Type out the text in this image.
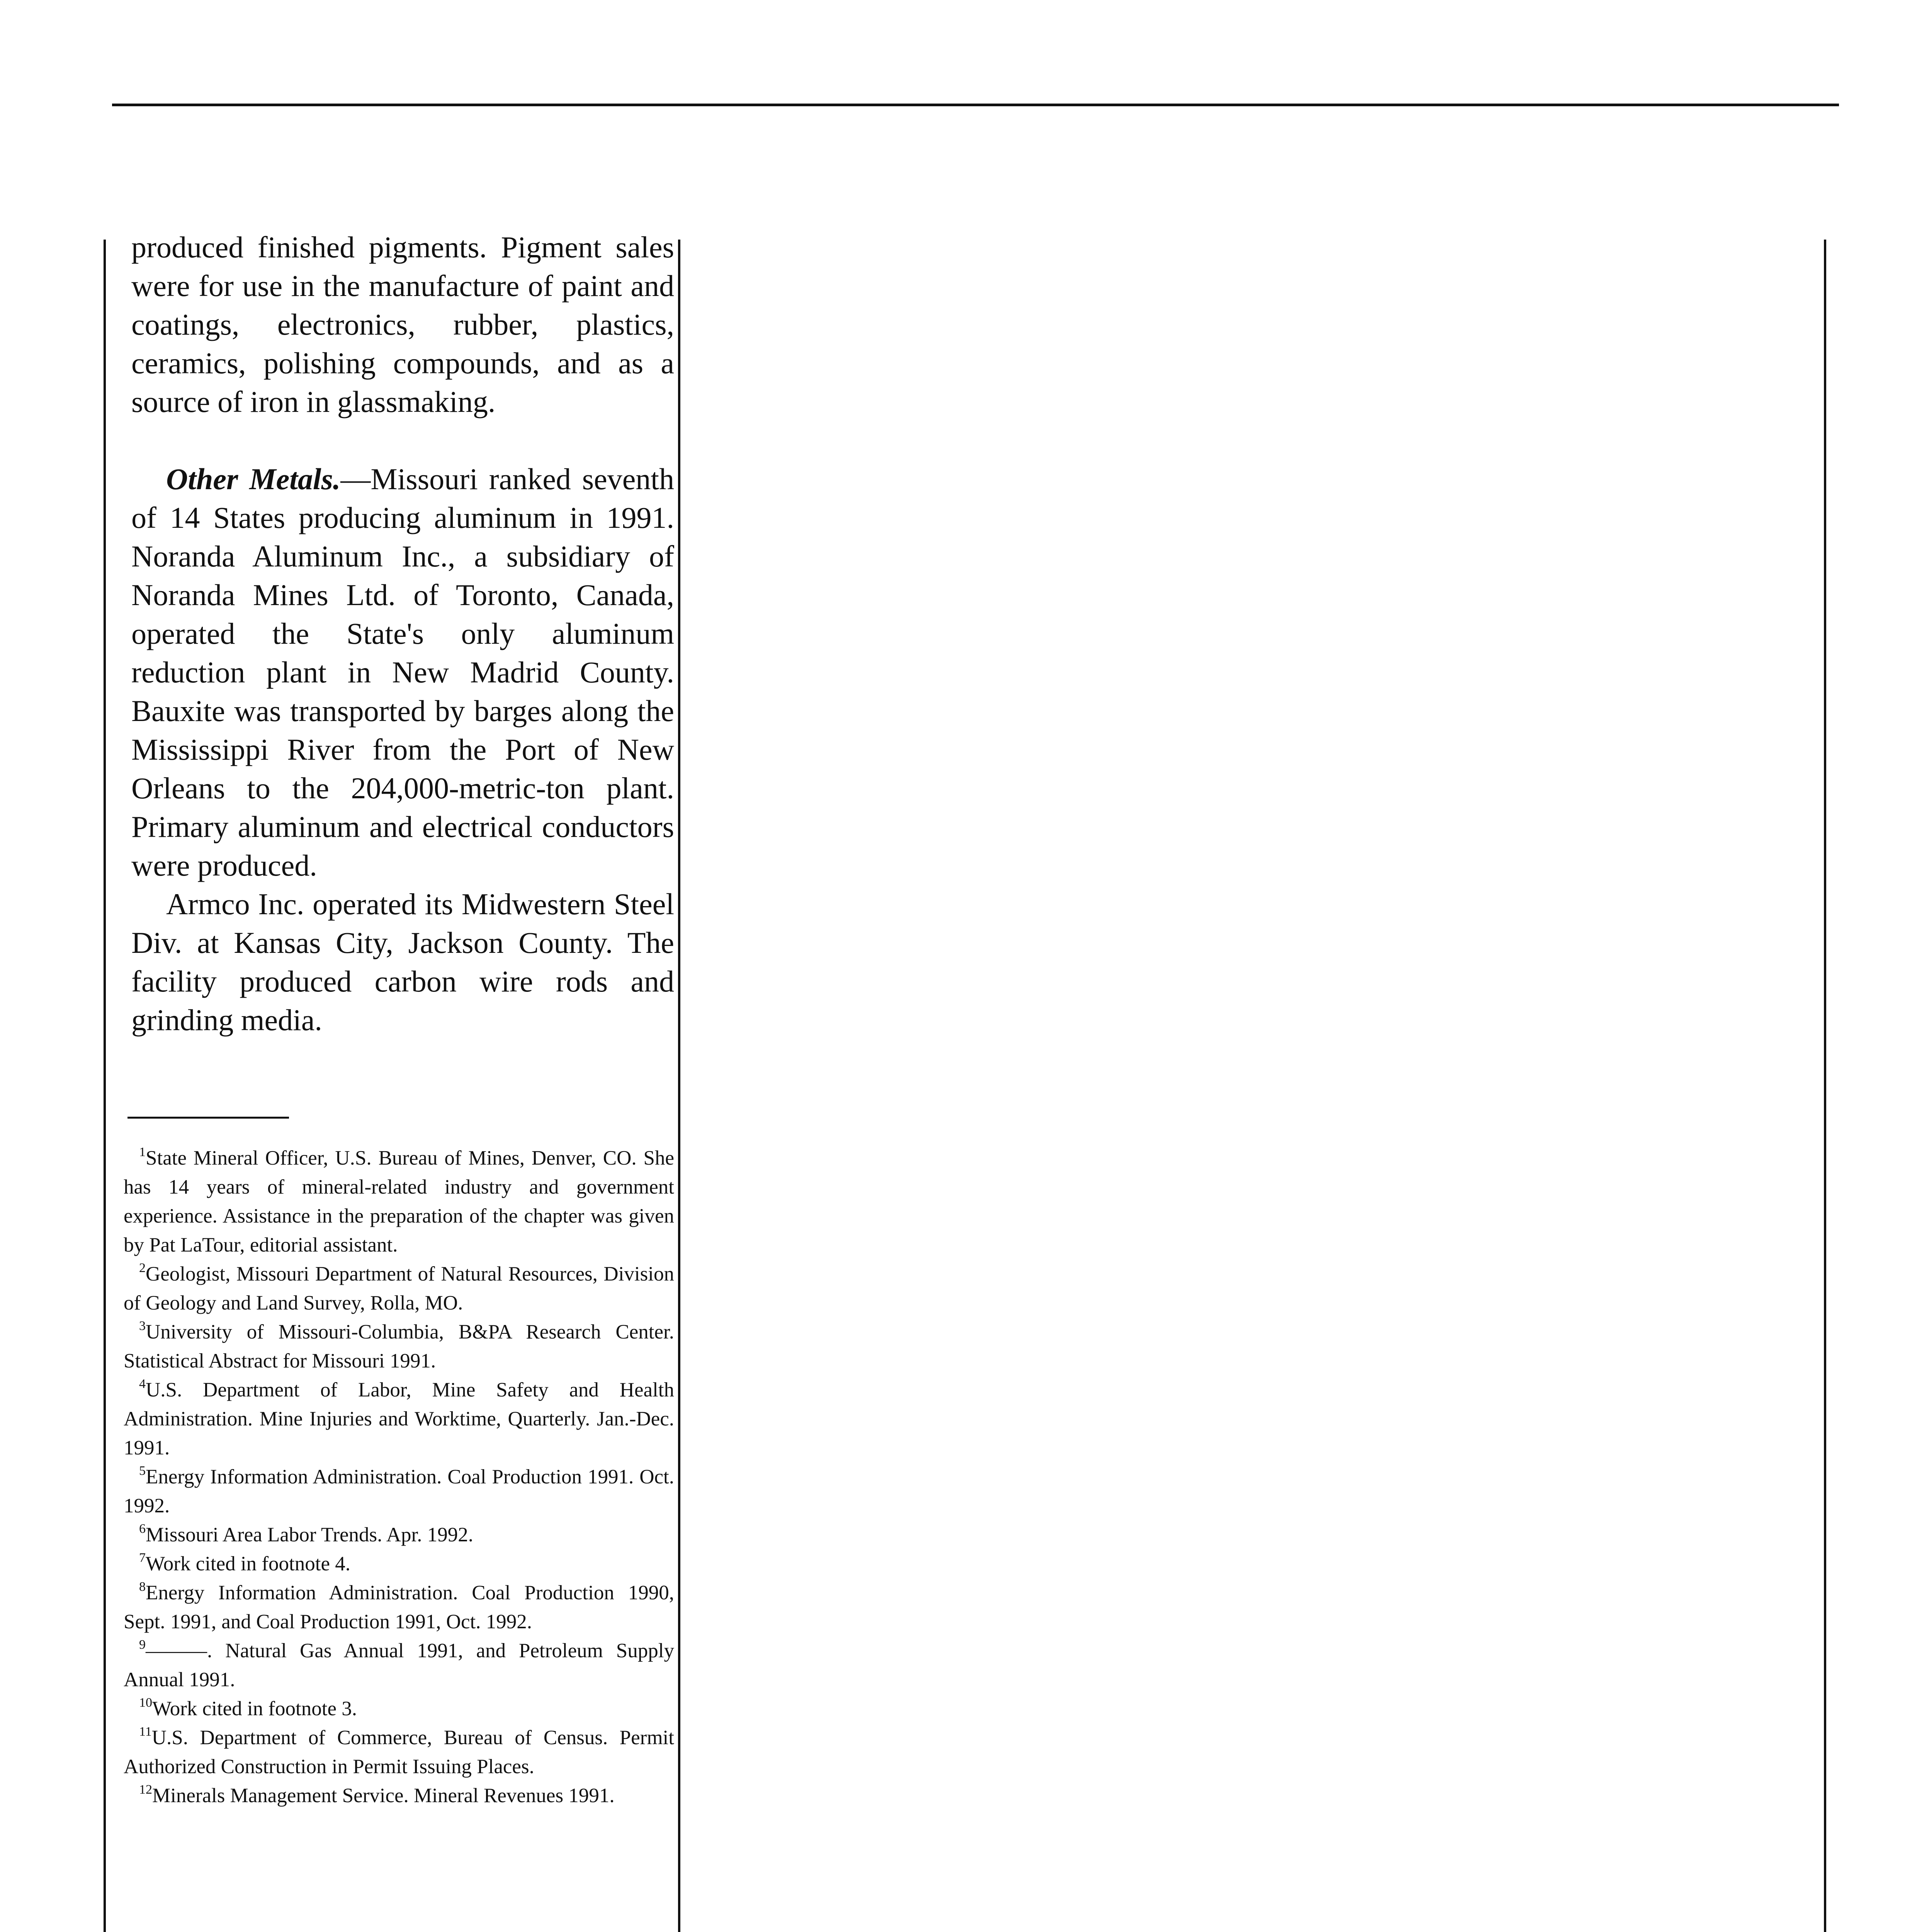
produced finished pigments. Pigment sales were for use in the manufacture of paint and coatings, electronics, rubber, plastics, ceramics, polishing compounds, and as a source of iron in glassmaking.

Other Metals.—Missouri ranked seventh of 14 States producing aluminum in 1991. Noranda Aluminum Inc., a subsidiary of Noranda Mines Ltd. of Toronto, Canada, operated the State's only aluminum reduction plant in New Madrid County. Bauxite was transported by barges along the Mississippi River from the Port of New Orleans to the 204,000-metric-ton plant. Primary aluminum and electrical conductors were produced.

Armco Inc. operated its Midwestern Steel Div. at Kansas City, Jackson County. The facility produced carbon wire rods and grinding media.

$^1$State Mineral Officer, U.S. Bureau of Mines, Denver, CO. She has 14 years of mineral-related industry and government experience. Assistance in the preparation of the chapter was given by Pat LaTour, editorial assistant.

$^2$Geologist, Missouri Department of Natural Resources, Division of Geology and Land Survey, Rolla, MO.

$^3$University of Missouri-Columbia, B&PA Research Center. Statistical Abstract for Missouri 1991.

$^4$U.S. Department of Labor, Mine Safety and Health Administration. Mine Injuries and Worktime, Quarterly. Jan.-Dec. 1991.

$^5$Energy Information Administration. Coal Production 1991. Oct. 1992.

$^6$Missouri Area Labor Trends. Apr. 1992.

$^7$Work cited in footnote 4.

$^8$Energy Information Administration. Coal Production 1990, Sept. 1991, and Coal Production 1991, Oct. 1992.

$^9$———. Natural Gas Annual 1991, and Petroleum Supply Annual 1991.

$^{10}$Work cited in footnote 3.

$^{11}$U.S. Department of Commerce, Bureau of Census. Permit Authorized Construction in Permit Issuing Places.

$^{12}$Minerals Management Service. Mineral Revenues 1991.
